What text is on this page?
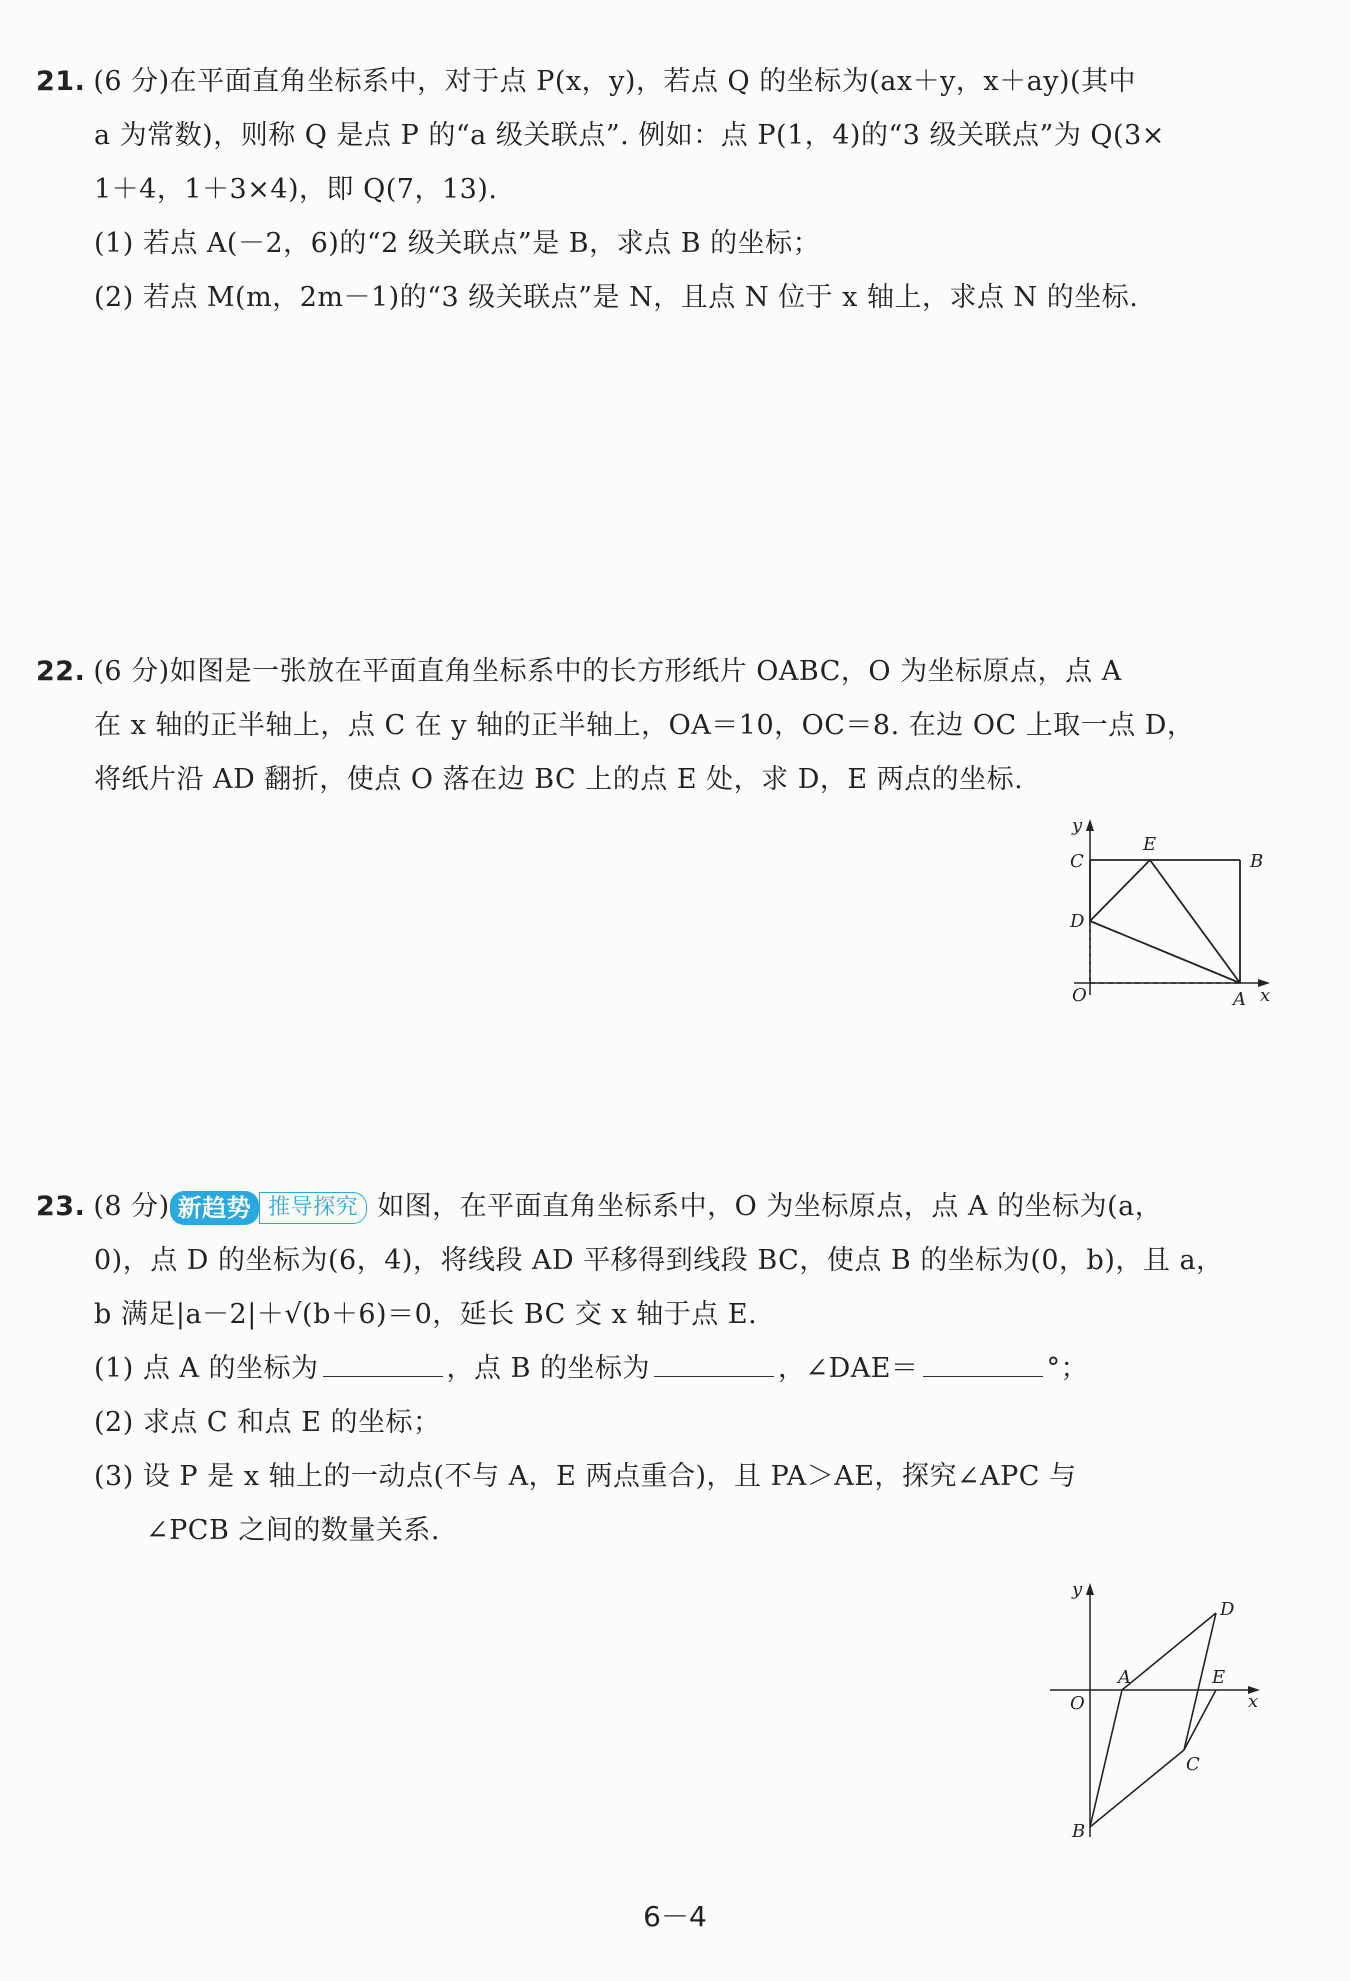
21. (6 分)在平面直角坐标系中，对于点 P(x，y)，若点 Q 的坐标为(ax＋y，x＋ay)(其中
a 为常数)，则称 Q 是点 P 的“a 级关联点”. 例如：点 P(1，4)的“3 级关联点”为 Q(3×
1＋4，1＋3×4)，即 Q(7，13).
(1) 若点 A(－2，6)的“2 级关联点”是 B，求点 B 的坐标；
(2) 若点 M(m，2m－1)的“3 级关联点”是 N，且点 N 位于 x 轴上，求点 N 的坐标.
22. (6 分)如图是一张放在平面直角坐标系中的长方形纸片 OABC，O 为坐标原点，点 A
在 x 轴的正半轴上，点 C 在 y 轴的正半轴上，OA＝10，OC＝8. 在边 OC 上取一点 D，
将纸片沿 AD 翻折，使点 O 落在边 BC 上的点 E 处，求 D，E 两点的坐标.
y
C
E
B
D
O	A x
23. (8 分) 新趋势 推导探究 如图，在平面直角坐标系中，O 为坐标原点，点 A 的坐标为(a，
0)，点 D 的坐标为(6，4)，将线段 AD 平移得到线段 BC，使点 B 的坐标为(0，b)，且 a，
b 满足|a－2|＋√(b＋6)＝0，延长 BC 交 x 轴于点 E.
(1) 点 A 的坐标为	，点 B 的坐标为	，∠DAE＝	°；
(2) 求点 C 和点 E 的坐标；
(3) 设 P 是 x 轴上的一动点(不与 A，E 两点重合)，且 PA＞AE，探究∠APC 与
∠PCB 之间的数量关系.
y
D
A	E
O	x
C
B
6－4
